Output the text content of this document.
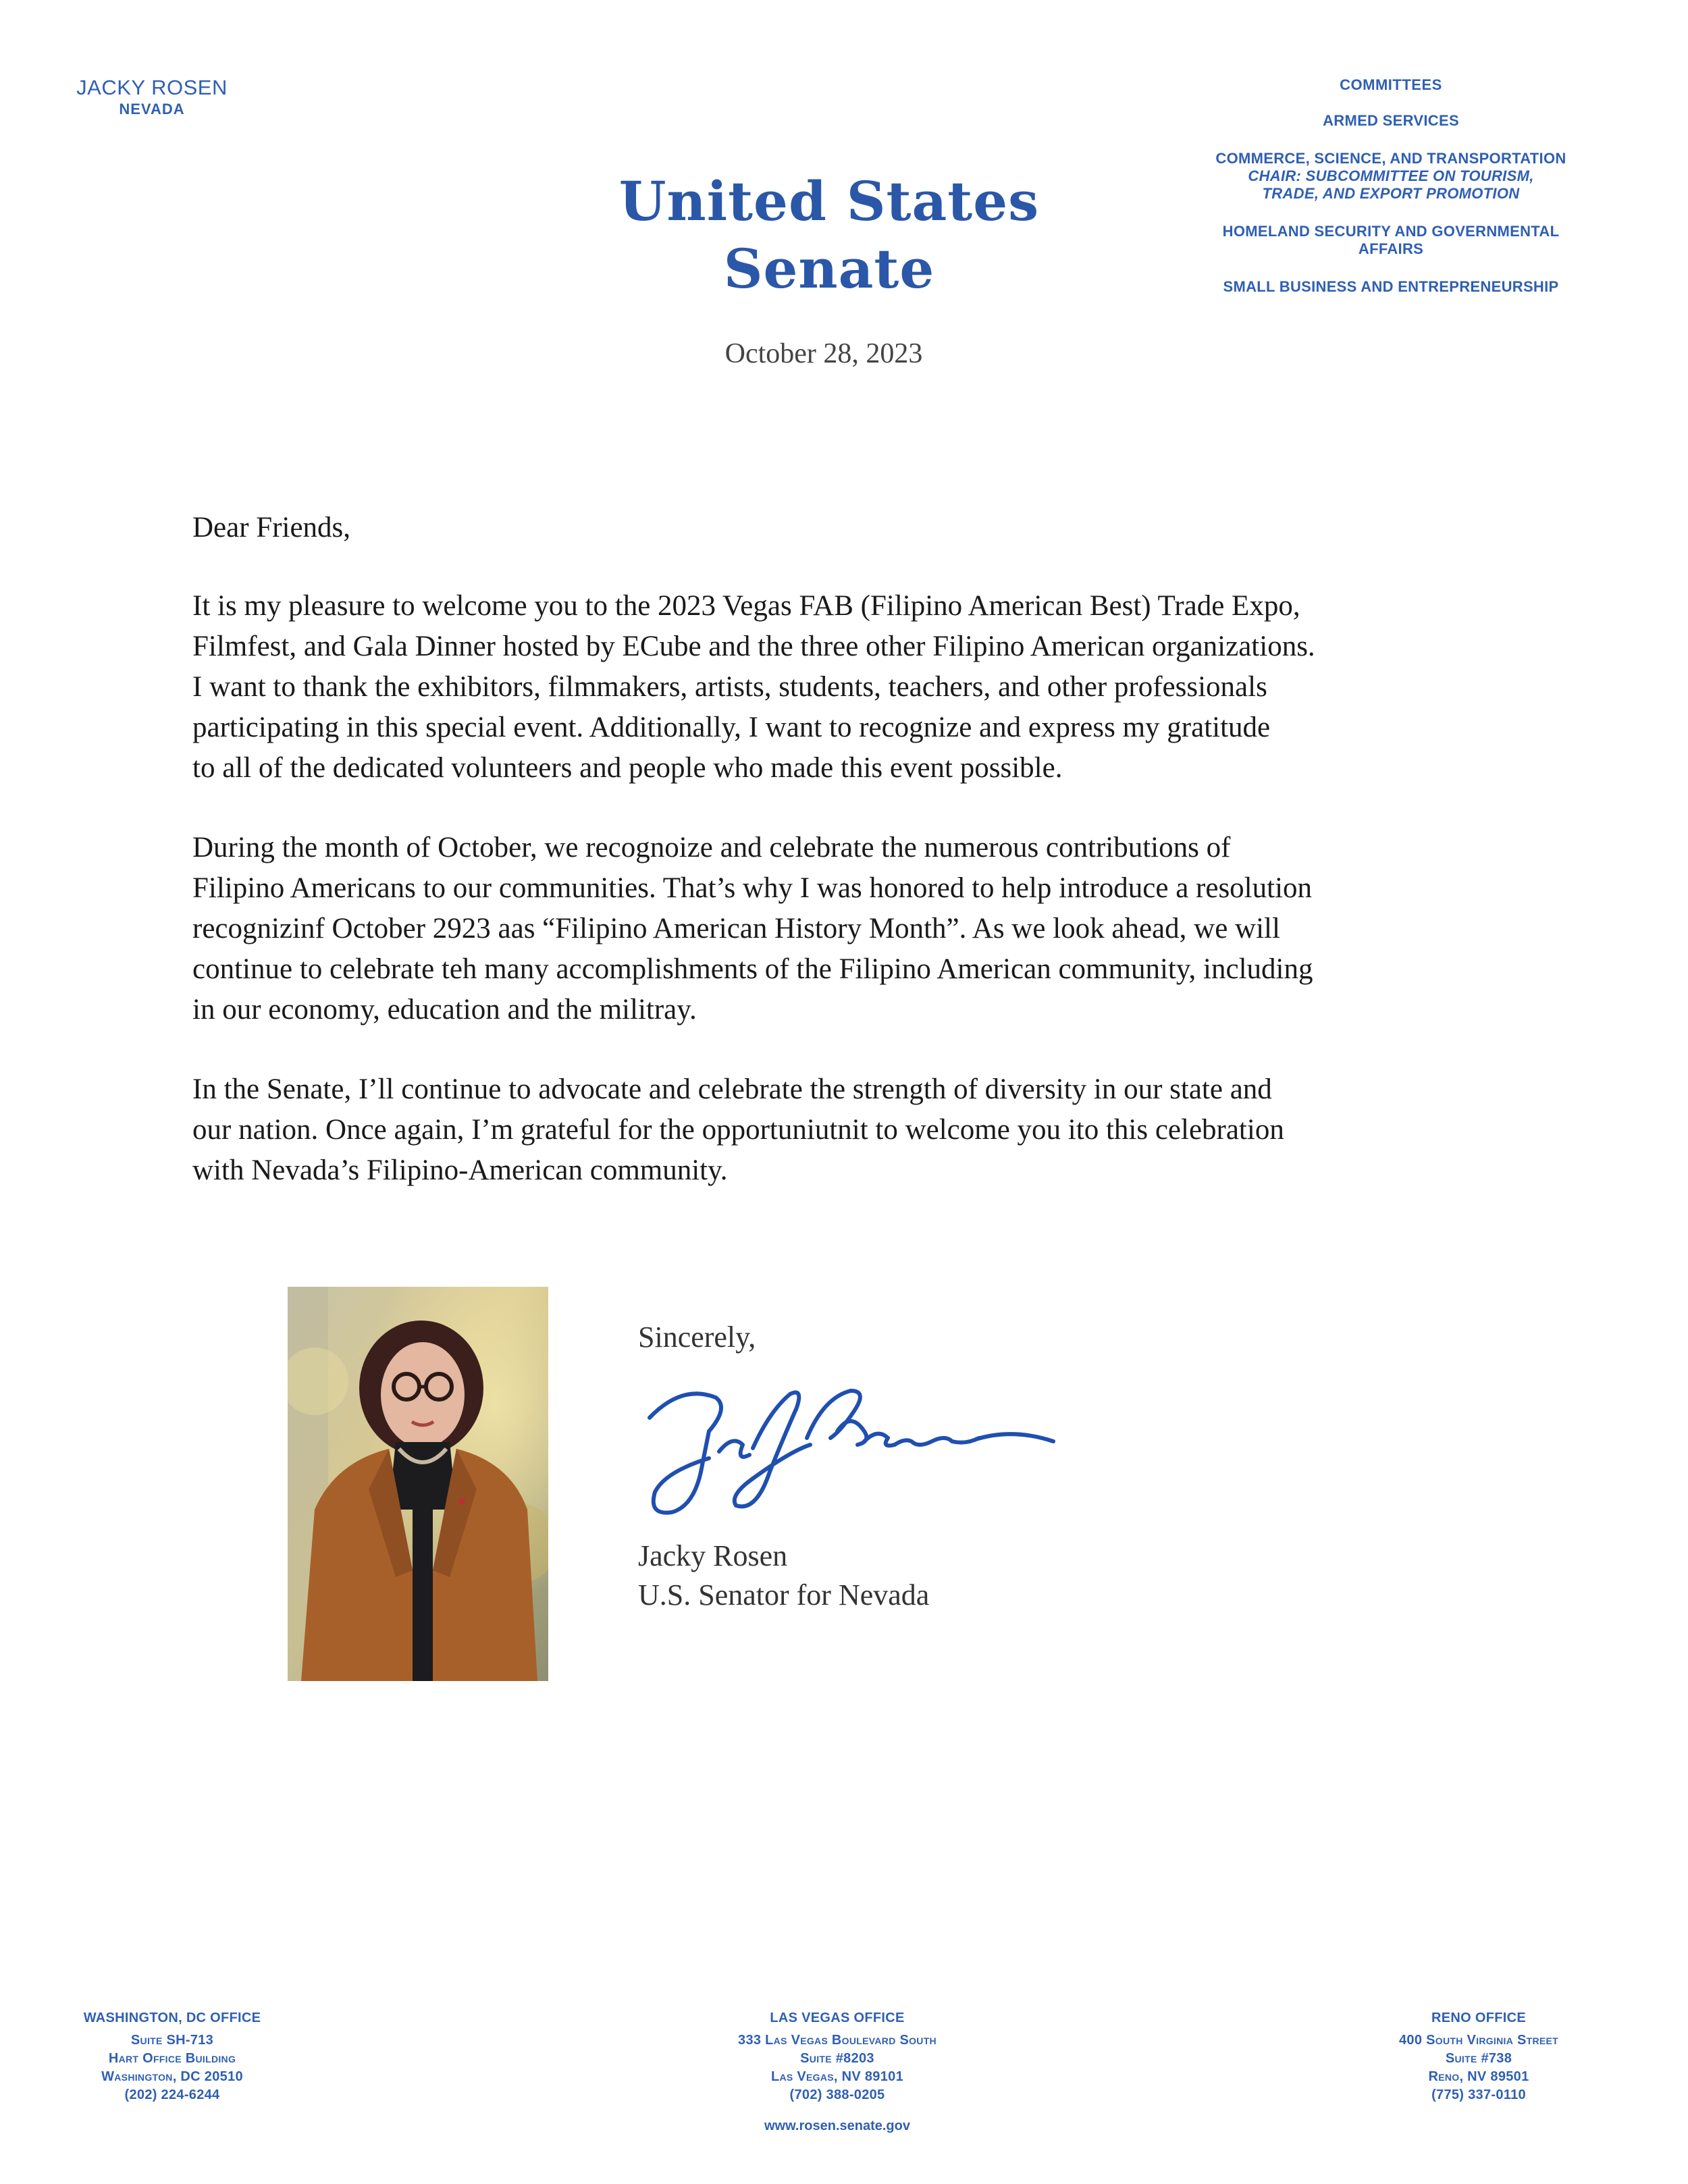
JACKY ROSEN
NEVADA
United States Senate
COMMITTEES
ARMED SERVICES
COMMERCE, SCIENCE, AND TRANSPORTATION
CHAIR: SUBCOMMITTEE ON TOURISM, TRADE, AND EXPORT PROMOTION
HOMELAND SECURITY AND GOVERNMENTAL AFFAIRS
SMALL BUSINESS AND ENTREPRENEURSHIP
October 28, 2023

Dear Friends,

It is my pleasure to welcome you to the 2023 Vegas FAB (Filipino American Best) Trade Expo,

Filmfest, and Gala Dinner hosted by ECube and the three other Filipino American organizations.

I want to thank the exhibitors, filmmakers, artists, students, teachers, and other professionals

participating in this special event. Additionally, I want to recognize and express my gratitude

to all of the dedicated volunteers and people who made this event possible.

During the month of October, we recognoize and celebrate the numerous contributions of

Filipino Americans to our communities. That’s why I was honored to help introduce a resolution

recognizinf October 2923 aas “Filipino American History Month”. As we look ahead, we will

continue to celebrate teh many accomplishments of the Filipino American community, including

in our economy, education and the militray.

In the Senate, I’ll continue to advocate and celebrate the strength of diversity in our state and

our nation. Once again, I’m grateful for the opportuniutnit to welcome you ito this celebration

with Nevada’s Filipino-American community.

Sincerely,

Jacky Rosen

U.S. Senator for Nevada

WASHINGTON, DC OFFICE
Suite SH-713
Hart Office Building
Washington, DC 20510
(202) 224-6244
LAS VEGAS OFFICE
333 Las Vegas Boulevard South
Suite #8203
Las Vegas, NV 89101
(702) 388-0205
RENO OFFICE
400 South Virginia Street
Suite #738
Reno, NV 89501
(775) 337-0110
www.rosen.senate.gov
